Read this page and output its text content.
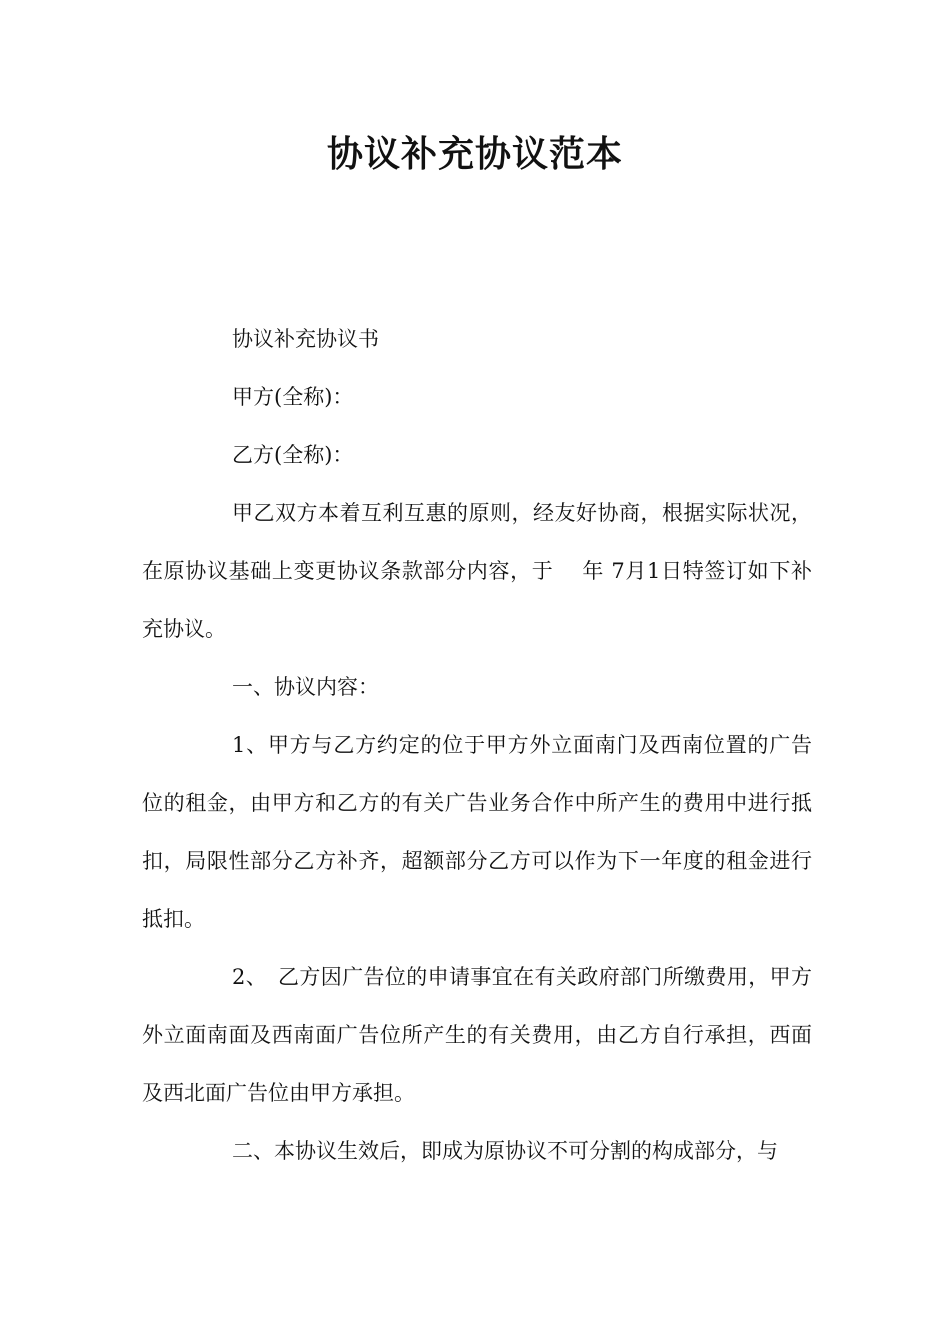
协议补充协议范本

协议补充协议书

甲方(全称)：

乙方(全称)：

甲乙双方本着互利互惠的原则，经友好协商，根据实际状况，在原协议基础上变更协议条款部分内容，于　 年 7月1日特签订如下补充协议。

一、协议内容：

1、甲方与乙方约定的位于甲方外立面南门及西南位置的广告位的租金，由甲方和乙方的有关广告业务合作中所产生的费用中进行抵扣，局限性部分乙方补齐，超额部分乙方可以作为下一年度的租金进行抵扣。

2、　乙方因广告位的申请事宜在有关政府部门所缴费用，甲方外立面南面及西南面广告位所产生的有关费用，由乙方自行承担，西面及西北面广告位由甲方承担。

二、本协议生效后，即成为原协议不可分割的构成部分，与
